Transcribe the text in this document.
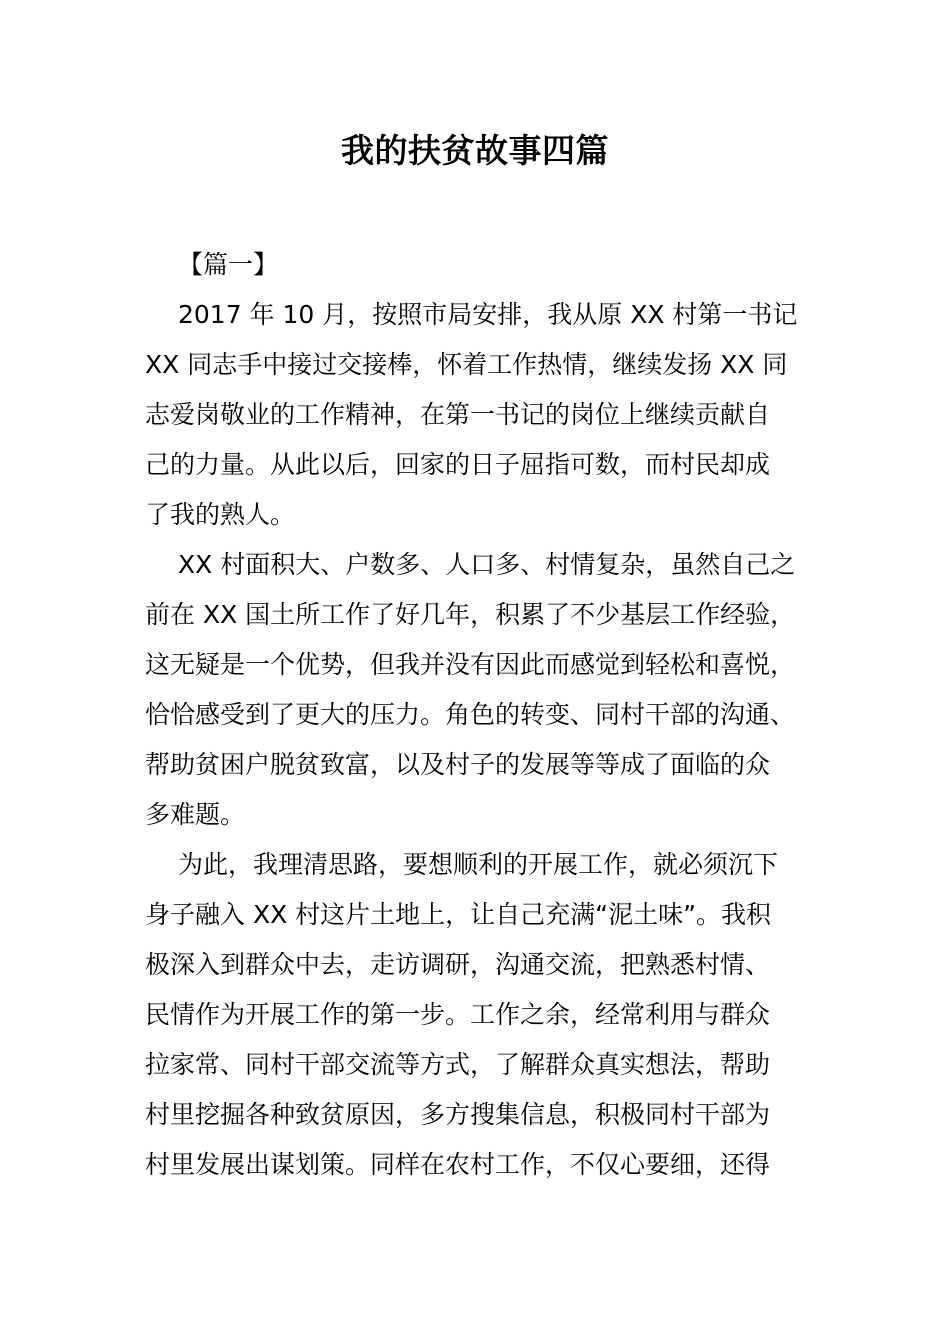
我的扶贫故事四篇

【篇一】

2017 年 10 月，按照市局安排，我从原 XX 村第一书记
XX 同志手中接过交接棒，怀着工作热情，继续发扬 XX 同
志爱岗敬业的工作精神，在第一书记的岗位上继续贡献自
己的力量。从此以后，回家的日子屈指可数，而村民却成
了我的熟人。

XX 村面积大、户数多、人口多、村情复杂，虽然自己之
前在 XX 国土所工作了好几年，积累了不少基层工作经验，
这无疑是一个优势，但我并没有因此而感觉到轻松和喜悦，
恰恰感受到了更大的压力。角色的转变、同村干部的沟通、
帮助贫困户脱贫致富，以及村子的发展等等成了面临的众
多难题。

为此，我理清思路，要想顺利的开展工作，就必须沉下
身子融入 XX 村这片土地上，让自己充满“泥土味”。我积
极深入到群众中去，走访调研，沟通交流，把熟悉村情、
民情作为开展工作的第一步。工作之余，经常利用与群众
拉家常、同村干部交流等方式，了解群众真实想法，帮助
村里挖掘各种致贫原因，多方搜集信息，积极同村干部为
村里发展出谋划策。同样在农村工作，不仅心要细，还得
